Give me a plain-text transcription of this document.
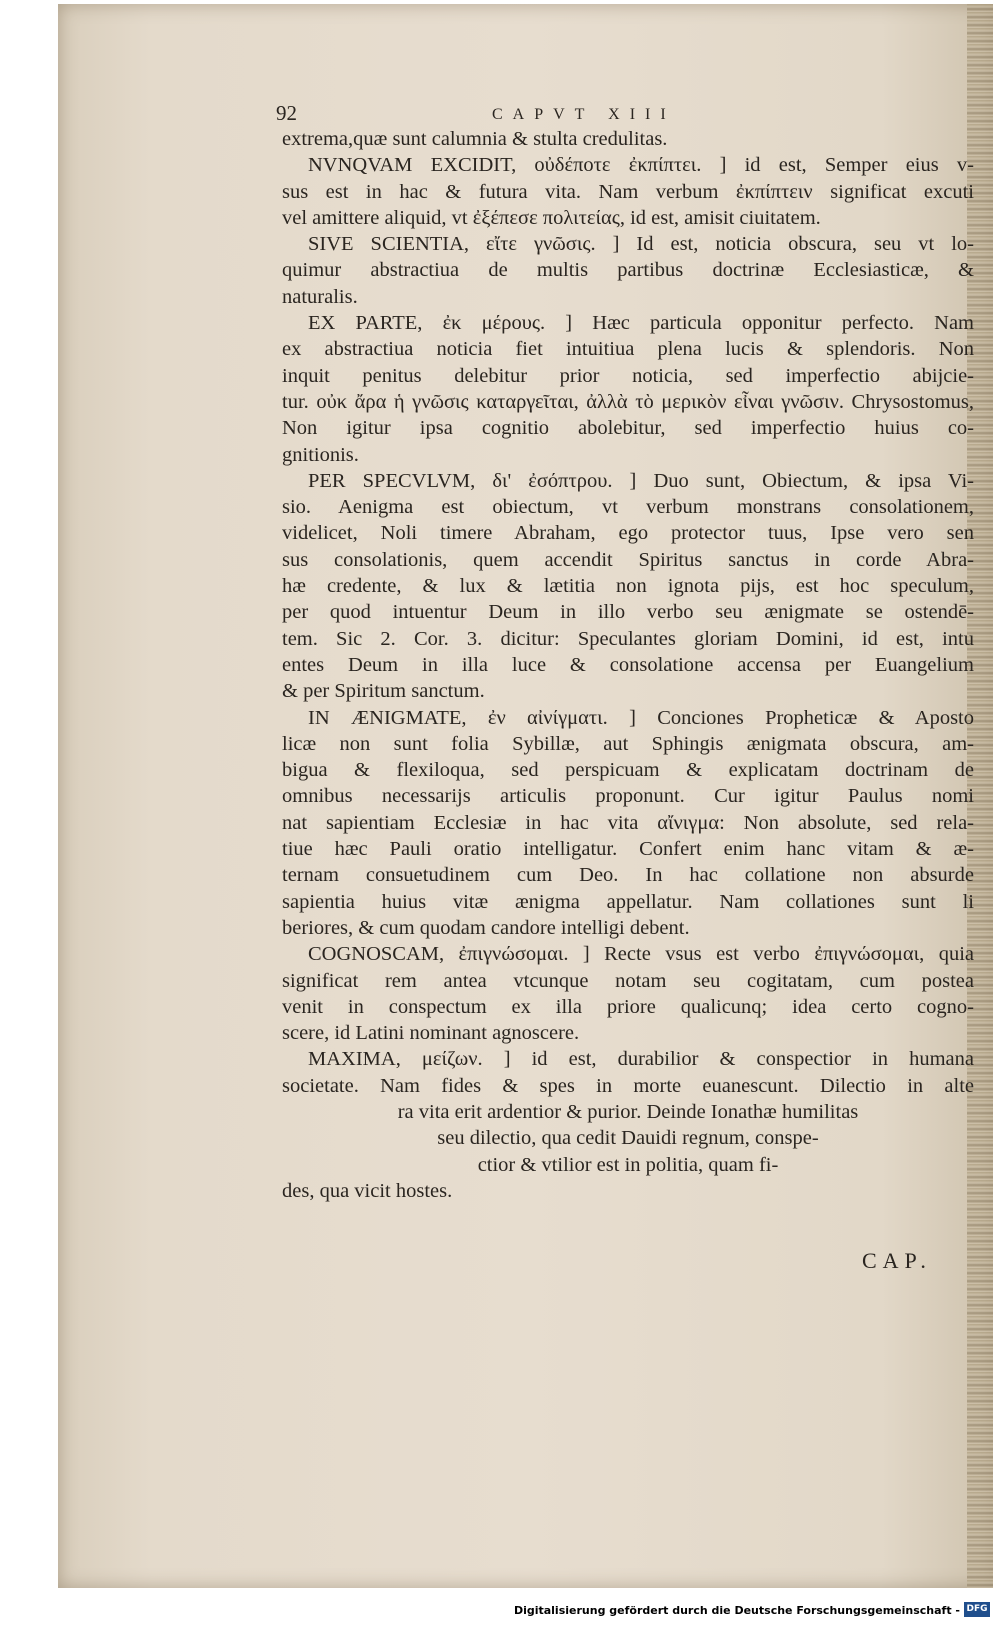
92	CAPVT XIII
extrema,quæ sunt calumnia & stulta credulitas.
NVNQVAM EXCIDIT, οὐδέποτε ἐκπίπτει. ] id est, Semper eius v-
sus est in hac & futura vita. Nam verbum ἐκπίπτειν significat excuti
vel amittere aliquid, vt ἐξέπεσε πολιτείας, id est, amisit ciuitatem.
SIVE SCIENTIA, εἴτε γνῶσις. ] Id est, noticia obscura, seu vt lo-
quimur abstractiua de multis partibus doctrinæ Ecclesiasticæ, &
naturalis.
EX PARTE, ἐκ μέρους. ] Hæc particula opponitur perfecto. Nam
ex abstractiua noticia fiet intuitiua plena lucis & splendoris. Non
inquit penitus delebitur prior noticia, sed imperfectio abijcie-
tur. οὐκ ἄρα ἡ γνῶσις καταργεῖται, ἀλλὰ τὸ μερικὸν εἶναι γνῶσιν. Chrysostomus,
Non igitur ipsa cognitio abolebitur, sed imperfectio huius co-
gnitionis.
PER SPECVLVM, δι' ἐσόπτρου. ] Duo sunt, Obiectum, & ipsa Vi-
sio. Aenigma est obiectum, vt verbum monstrans consolationem,
videlicet, Noli timere Abraham, ego protector tuus, Ipse vero sen
sus consolationis, quem accendit Spiritus sanctus in corde Abra-
hæ credente, & lux & lætitia non ignota pijs, est hoc speculum,
per quod intuentur Deum in illo verbo seu ænigmate se ostendē-
tem. Sic 2. Cor. 3. dicitur: Speculantes gloriam Domini, id est, intu
entes Deum in illa luce & consolatione accensa per Euangelium
& per Spiritum sanctum.
IN ÆNIGMATE, ἐν αἰνίγματι. ] Conciones Propheticæ & Aposto
licæ non sunt folia Sybillæ, aut Sphingis ænigmata obscura, am-
bigua & flexiloqua, sed perspicuam & explicatam doctrinam de
omnibus necessarijs articulis proponunt. Cur igitur Paulus nomi
nat sapientiam Ecclesiæ in hac vita αἴνιγμα: Non absolute, sed rela-
tiue hæc Pauli oratio intelligatur. Confert enim hanc vitam & æ-
ternam consuetudinem cum Deo. In hac collatione non absurde
sapientia huius vitæ ænigma appellatur. Nam collationes sunt li
beriores, & cum quodam candore intelligi debent.
COGNOSCAM, ἐπιγνώσομαι. ] Recte vsus est verbo ἐπιγνώσομαι, quia
significat rem antea vtcunque notam seu cogitatam, cum postea
venit in conspectum ex illa priore qualicunq; idea certo cogno-
scere, id Latini nominant agnoscere.
MAXIMA, μείζων. ] id est, durabilior & conspectior in humana
societate. Nam fides & spes in morte euanescunt. Dilectio in alte
ra vita erit ardentior & purior. Deinde Ionathæ humilitas
seu dilectio, qua cedit Dauidi regnum, conspe-
ctior & vtilior est in politia, quam fi-
des, qua vicit hostes.
CAP.
Digitalisierung gefördert durch die Deutsche Forschungsgemeinschaft - DFG
